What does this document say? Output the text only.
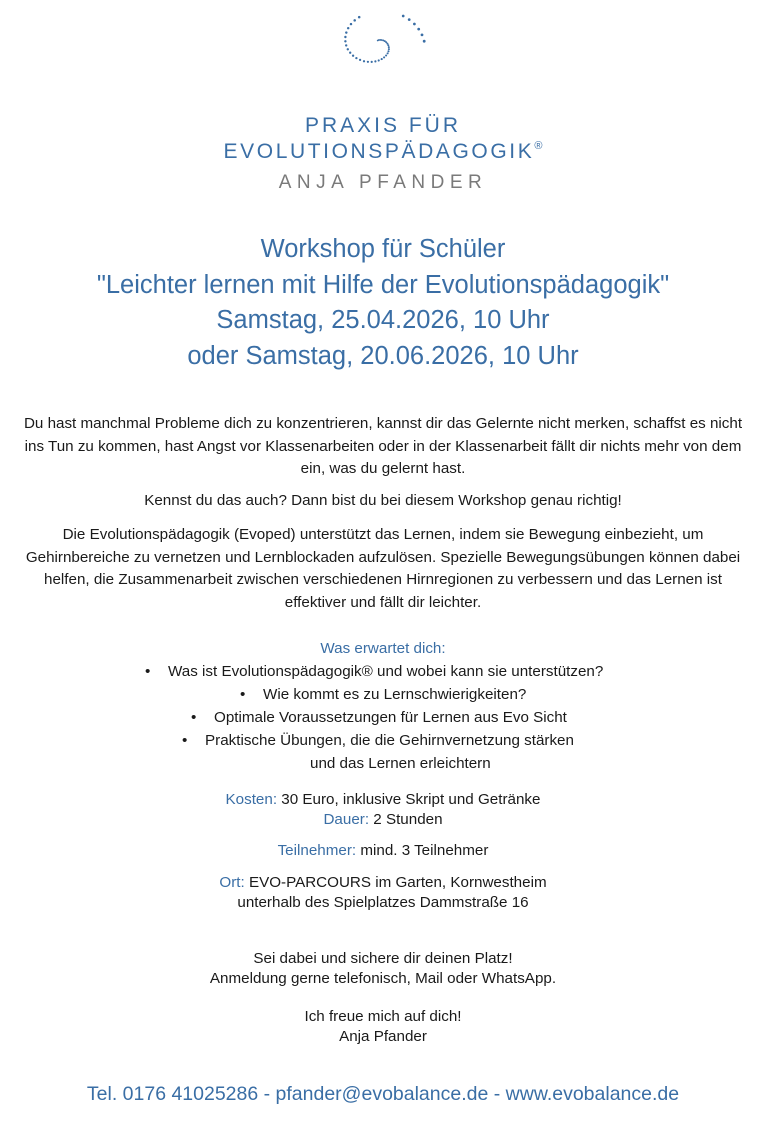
PRAXIS FÜR
EVOLUTIONSPÄDAGOGIK®
ANJA PFANDER
Workshop für Schüler
"Leichter lernen mit Hilfe der Evolutionspädagogik"
Samstag, 25.04.2026, 10 Uhr
oder Samstag, 20.06.2026, 10 Uhr

Du hast manchmal Probleme dich zu konzentrieren, kannst dir das Gelernte nicht merken, schaffst es nicht ins Tun zu kommen, hast Angst vor Klassenarbeiten oder in der Klassenarbeit fällt dir nichts mehr von dem ein, was du gelernt hast.

Kennst du das auch? Dann bist du bei diesem Workshop genau richtig!

Die Evolutionspädagogik (Evoped) unterstützt das Lernen, indem sie Bewegung einbezieht, um Gehirnbereiche zu vernetzen und Lernblockaden aufzulösen. Spezielle Bewegungsübungen können dabei helfen, die Zusammenarbeit zwischen verschiedenen Hirnregionen zu verbessern und das Lernen ist effektiver und fällt dir leichter.

Was erwartet dich:
• Was ist Evolutionspädagogik® und wobei kann sie unterstützen?
• Wie kommt es zu Lernschwierigkeiten?
• Optimale Voraussetzungen für Lernen aus Evo Sicht
• Praktische Übungen, die die Gehirnvernetzung stärken
und das Lernen erleichtern
Kosten: 30 Euro, inklusive Skript und Getränke
Dauer: 2 Stunden
Teilnehmer: mind. 3 Teilnehmer
Ort: EVO-PARCOURS im Garten, Kornwestheim
unterhalb des Spielplatzes Dammstraße 16
Sei dabei und sichere dir deinen Platz!
Anmeldung gerne telefonisch, Mail oder WhatsApp.
Ich freue mich auf dich!
Anja Pfander
Tel. 0176 41025286 - pfander@evobalance.de - www.evobalance.de
